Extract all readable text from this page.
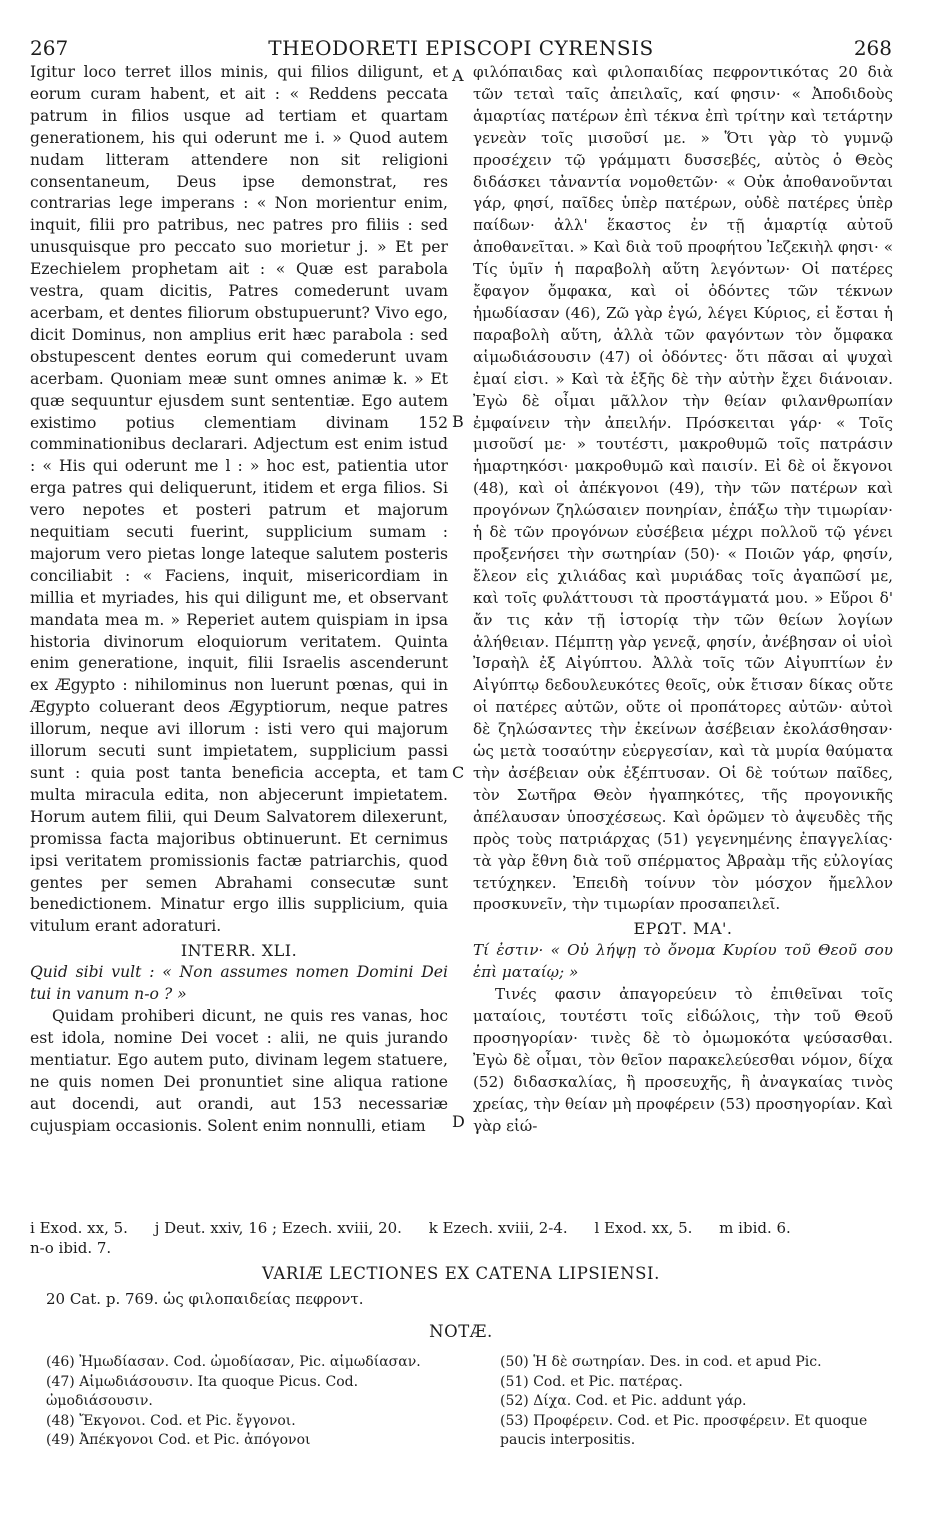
267	THEODORETI EPISCOPI CYRENSIS	268
A
B
C
D

Igitur loco terret illos minis, qui filios diligunt, et eorum curam habent, et ait : « Reddens peccata patrum in filios usque ad tertiam et quartam generationem, his qui oderunt me i. » Quod autem nudam litteram attendere non sit religioni consentaneum, Deus ipse demonstrat, res contrarias lege imperans : « Non morientur enim, inquit, filii pro patribus, nec patres pro filiis : sed unusquisque pro peccato suo morietur j. » Et per Ezechielem prophetam ait : « Quæ est parabola vestra, quam dicitis, Patres comederunt uvam acerbam, et dentes filiorum obstupuerunt? Vivo ego, dicit Dominus, non amplius erit hæc parabola : sed obstupescent dentes eorum qui comederunt uvam acerbam. Quoniam meæ sunt omnes animæ k. » Et quæ sequuntur ejusdem sunt sententiæ. Ego autem existimo potius clementiam divinam 152 comminationibus declarari. Adjectum est enim istud : « His qui oderunt me l : » hoc est, patientia utor erga patres qui deliquerunt, itidem et erga filios. Si vero nepotes et posteri patrum et majorum nequitiam secuti fuerint, supplicium sumam : majorum vero pietas longe lateque salutem posteris conciliabit : « Faciens, inquit, misericordiam in millia et myriades, his qui diligunt me, et observant mandata mea m. » Reperiet autem quispiam in ipsa historia divinorum eloquiorum veritatem. Quinta enim generatione, inquit, filii Israelis ascenderunt ex Ægypto : nihilominus non luerunt pœnas, qui in Ægypto coluerant deos Ægyptiorum, neque patres illorum, neque avi illorum : isti vero qui majorum illorum secuti sunt impietatem, supplicium passi sunt : quia post tanta beneficia accepta, et tam multa miracula edita, non abjecerunt impietatem. Horum autem filii, qui Deum Salvatorem dilexerunt, promissa facta majoribus obtinuerunt. Et cernimus ipsi veritatem promissionis factæ patriarchis, quod gentes per semen Abrahami consecutæ sunt benedictionem. Minatur ergo illis supplicium, quia vitulum erant adoraturi.

INTERR. XLI.

Quid sibi vult : « Non assumes nomen Domini Dei tui in vanum n-o ? »

Quidam prohiberi dicunt, ne quis res vanas, hoc est idola, nomine Dei vocet : alii, ne quis jurando mentiatur. Ego autem puto, divinam legem statuere, ne quis nomen Dei pronuntiet sine aliqua ratione aut docendi, aut orandi, aut 153 necessariæ cujuspiam occasionis. Solent enim nonnulli, etiam

φιλόπαιδας καὶ φιλοπαιδίας πεφροντικότας 20 διὰ τῶν τεταὶ ταῖς ἀπειλαῖς, καί φησιν· « Ἀποδιδοὺς ἁμαρτίας πατέρων ἐπὶ τέκνα ἐπὶ τρίτην καὶ τετάρτην γενεὰν τοῖς μισοῦσί με. » Ὅτι γὰρ τὸ γυμνῷ προσέχειν τῷ γράμματι δυσσεβές, αὐτὸς ὁ Θεὸς διδάσκει τἀναντία νομοθετῶν· « Οὐκ ἀποθανοῦνται γάρ, φησί, παῖδες ὑπὲρ πατέρων, οὐδὲ πατέρες ὑπὲρ παίδων· ἀλλ' ἕκαστος ἐν τῇ ἁμαρτίᾳ αὐτοῦ ἀποθανεῖται. » Καὶ διὰ τοῦ προφήτου Ἰεζεκιὴλ φησι· « Τίς ὑμῖν ἡ παραβολὴ αὕτη λεγόντων· Οἱ πατέρες ἔφαγον ὄμφακα, καὶ οἱ ὀδόντες τῶν τέκνων ἠμωδίασαν (46), Ζῶ γὰρ ἐγώ, λέγει Κύριος, εἰ ἔσται ἡ παραβολὴ αὕτη, ἀλλὰ τῶν φαγόντων τὸν ὄμφακα αἱμωδιάσουσιν (47) οἱ ὀδόντες· ὅτι πᾶσαι αἱ ψυχαὶ ἐμαί εἰσι. » Καὶ τὰ ἑξῆς δὲ τὴν αὐτὴν ἔχει διάνοιαν. Ἐγὼ δὲ οἶμαι μᾶλλον τὴν θείαν φιλανθρωπίαν ἐμφαίνειν τὴν ἀπειλήν. Πρόσκειται γάρ· « Τοῖς μισοῦσί με· » τουτέστι, μακροθυμῶ τοῖς πατράσιν ἡμαρτηκόσι· μακροθυμῶ καὶ παισίν. Εἰ δὲ οἱ ἔκγονοι (48), καὶ οἱ ἀπέκγονοι (49), τὴν τῶν πατέρων καὶ προγόνων ζηλώσαιεν πονηρίαν, ἐπάξω τὴν τιμωρίαν· ἡ δὲ τῶν προγόνων εὐσέβεια μέχρι πολλοῦ τῷ γένει προξενήσει τὴν σωτηρίαν (50)· « Ποιῶν γάρ, φησίν, ἔλεον εἰς χιλιάδας καὶ μυριάδας τοῖς ἀγαπῶσί με, καὶ τοῖς φυλάττουσι τὰ προστάγματά μου. » Εὕροι δ' ἄν τις κἀν τῇ ἱστορίᾳ τὴν τῶν θείων λογίων ἀλήθειαν. Πέμπτῃ γὰρ γενεᾷ, φησίν, ἀνέβησαν οἱ υἱοὶ Ἰσραὴλ ἐξ Αἰγύπτου. Ἀλλὰ τοῖς τῶν Αἰγυπτίων ἐν Αἰγύπτῳ δεδουλευκότες θεοῖς, οὐκ ἔτισαν δίκας οὔτε οἱ πατέρες αὐτῶν, οὔτε οἱ προπάτορες αὐτῶν· αὐτοὶ δὲ ζηλώσαντες τὴν ἐκείνων ἀσέβειαν ἐκολάσθησαν· ὡς μετὰ τοσαύτην εὐεργεσίαν, καὶ τὰ μυρία θαύματα τὴν ἀσέβειαν οὐκ ἐξέπτυσαν. Οἱ δὲ τούτων παῖδες, τὸν Σωτῆρα Θεὸν ἠγαπηκότες, τῆς προγονικῆς ἀπέλαυσαν ὑποσχέσεως. Καὶ ὁρῶμεν τὸ ἀψευδὲς τῆς πρὸς τοὺς πατριάρχας (51) γεγενημένης ἐπαγγελίας· τὰ γὰρ ἔθνη διὰ τοῦ σπέρματος Ἀβραὰμ τῆς εὐλογίας τετύχηκεν. Ἐπειδὴ τοίνυν τὸν μόσχον ἤμελλον προσκυνεῖν, τὴν τιμωρίαν προσαπειλεῖ.

ΕΡΩΤ. ΜΑ'.

Τί ἐστιν· « Οὐ λήψῃ τὸ ὄνομα Κυρίου τοῦ Θεοῦ σου ἐπὶ ματαίῳ; »

Τινές φασιν ἀπαγορεύειν τὸ ἐπιθεῖναι τοῖς ματαίοις, τουτέστι τοῖς εἰδώλοις, τὴν τοῦ Θεοῦ προσηγορίαν· τινὲς δὲ τὸ ὀμωμοκότα ψεύσασθαι. Ἐγὼ δὲ οἶμαι, τὸν θεῖον παρακελεύεσθαι νόμον, δίχα (52) διδασκαλίας, ἢ προσευχῆς, ἢ ἀναγκαίας τινὸς χρείας, τὴν θείαν μὴ προφέρειν (53) προσηγορίαν. Καὶ γὰρ εἰώ-

i Exod. xx, 5. j Deut. xxiv, 16 ; Ezech. xviii, 20. k Ezech. xviii, 2-4. l Exod. xx, 5. m ibid. 6.

n-o ibid. 7.

VARIÆ LECTIONES EX CATENA LIPSIENSI.
20 Cat. p. 769. ὡς φιλοπαιδείας πεφροντ.
NOTÆ.

(46) Ἠμωδίασαν. Cod. ὠμοδίασαν, Pic. αἱμωδίασαν.

(47) Αἱμωδιάσουσιν. Ita quoque Picus. Cod. ὠμοδιάσουσιν.

(48) Ἔκγονοι. Cod. et Pic. ἔγγονοι.

(49) Ἀπέκγονοι Cod. et Pic. ἀπόγονοι

(50) Ἡ δὲ σωτηρίαν. Des. in cod. et apud Pic.

(51) Cod. et Pic. πατέρας.

(52) Δίχα. Cod. et Pic. addunt γάρ.

(53) Προφέρειν. Cod. et Pic. προσφέρειν. Et quoque paucis interpositis.
